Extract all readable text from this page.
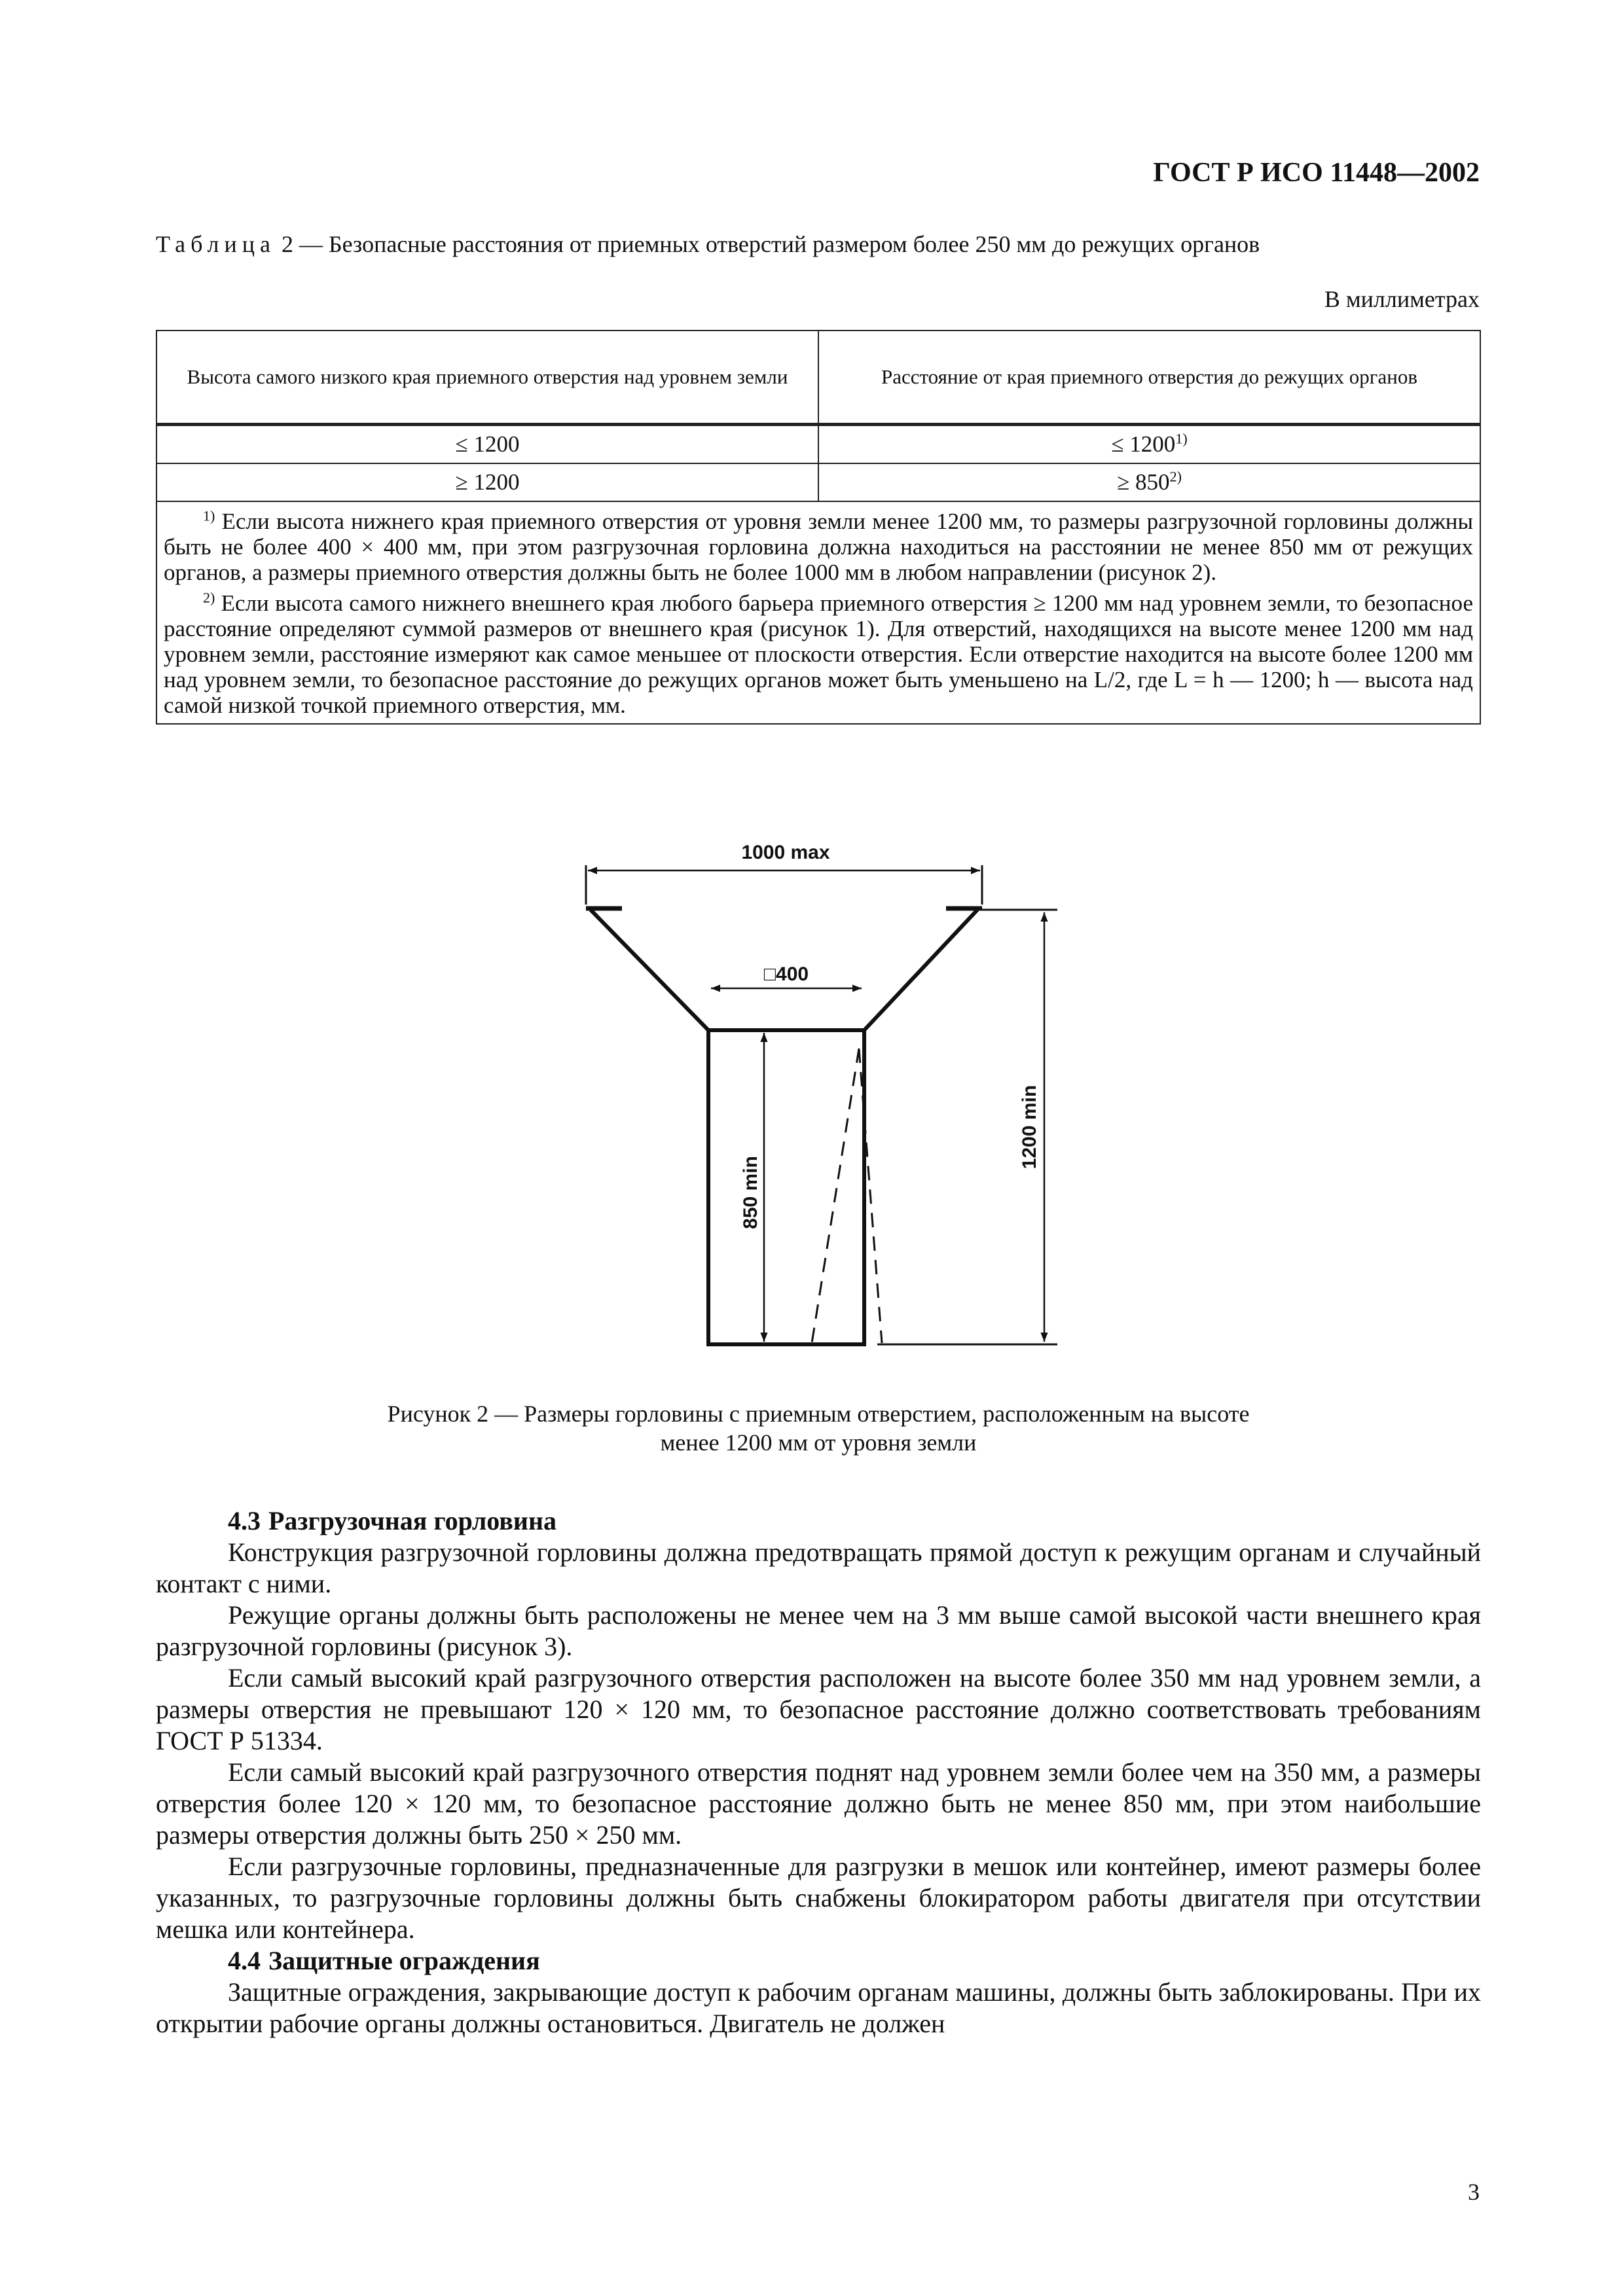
ГОСТ Р ИСО 11448—2002
Таблица 2 — Безопасные расстояния от приемных отверстий размером более 250 мм до режущих органов
В миллиметрах
Высота самого низкого края приемного отверстия над уровнем земли	Расстояние от края приемного отверстия до режущих органов
≤ 1200	≤ $1200^{1)}$
≥ 1200	≥ $850^{2)}$

$^{1)}$ Если высота нижнего края приемного отверстия от уровня земли менее 1200 мм, то размеры разгрузочной горловины должны быть не более 400 × 400 мм, при этом разгрузочная горловина должна находиться на расстоянии не менее 850 мм от режущих органов, а размеры приемного отверстия должны быть не более 1000 мм в любом направлении (рисунок 2).

$^{2)}$ Если высота самого нижнего внешнего края любого барьера приемного отверстия ≥ 1200 мм над уровнем земли, то безопасное расстояние определяют суммой размеров от внешнего края (рисунок 1). Для отверстий, находящихся на высоте менее 1200 мм над уровнем земли, расстояние измеряют как самое меньшее от плоскости отверстия. Если отверстие находится на высоте более 1200 мм над уровнем земли, то безопасное расстояние до режущих органов может быть уменьшено на L/2, где L = h — 1200; h — высота над самой низкой точкой приемного отверстия, мм.	

1000 max
□400
850 min
1200 min
Рисунок 2 — Размеры горловины с приемным отверстием, расположенным на высоте
менее 1200 мм от уровня земли
4.3 Разгрузочная горловина

Конструкция разгрузочной горловины должна предотвращать прямой доступ к режущим органам и случайный контакт с ними.

Режущие органы должны быть расположены не менее чем на 3 мм выше самой высокой части внешнего края разгрузочной горловины (рисунок 3).

Если самый высокий край разгрузочного отверстия расположен на высоте более 350 мм над уровнем земли, а размеры отверстия не превышают 120 × 120 мм, то безопасное расстояние должно соответствовать требованиям ГОСТ Р 51334.

Если самый высокий край разгрузочного отверстия поднят над уровнем земли более чем на 350 мм, а размеры отверстия более 120 × 120 мм, то безопасное расстояние должно быть не менее 850 мм, при этом наибольшие размеры отверстия должны быть 250 × 250 мм.

Если разгрузочные горловины, предназначенные для разгрузки в мешок или контейнер, имеют размеры более указанных, то разгрузочные горловины должны быть снабжены блокиратором работы двигателя при отсутствии мешка или контейнера.

4.4 Защитные ограждения

Защитные ограждения, закрывающие доступ к рабочим органам машины, должны быть заблокированы. При их открытии рабочие органы должны остановиться. Двигатель не должен

3
